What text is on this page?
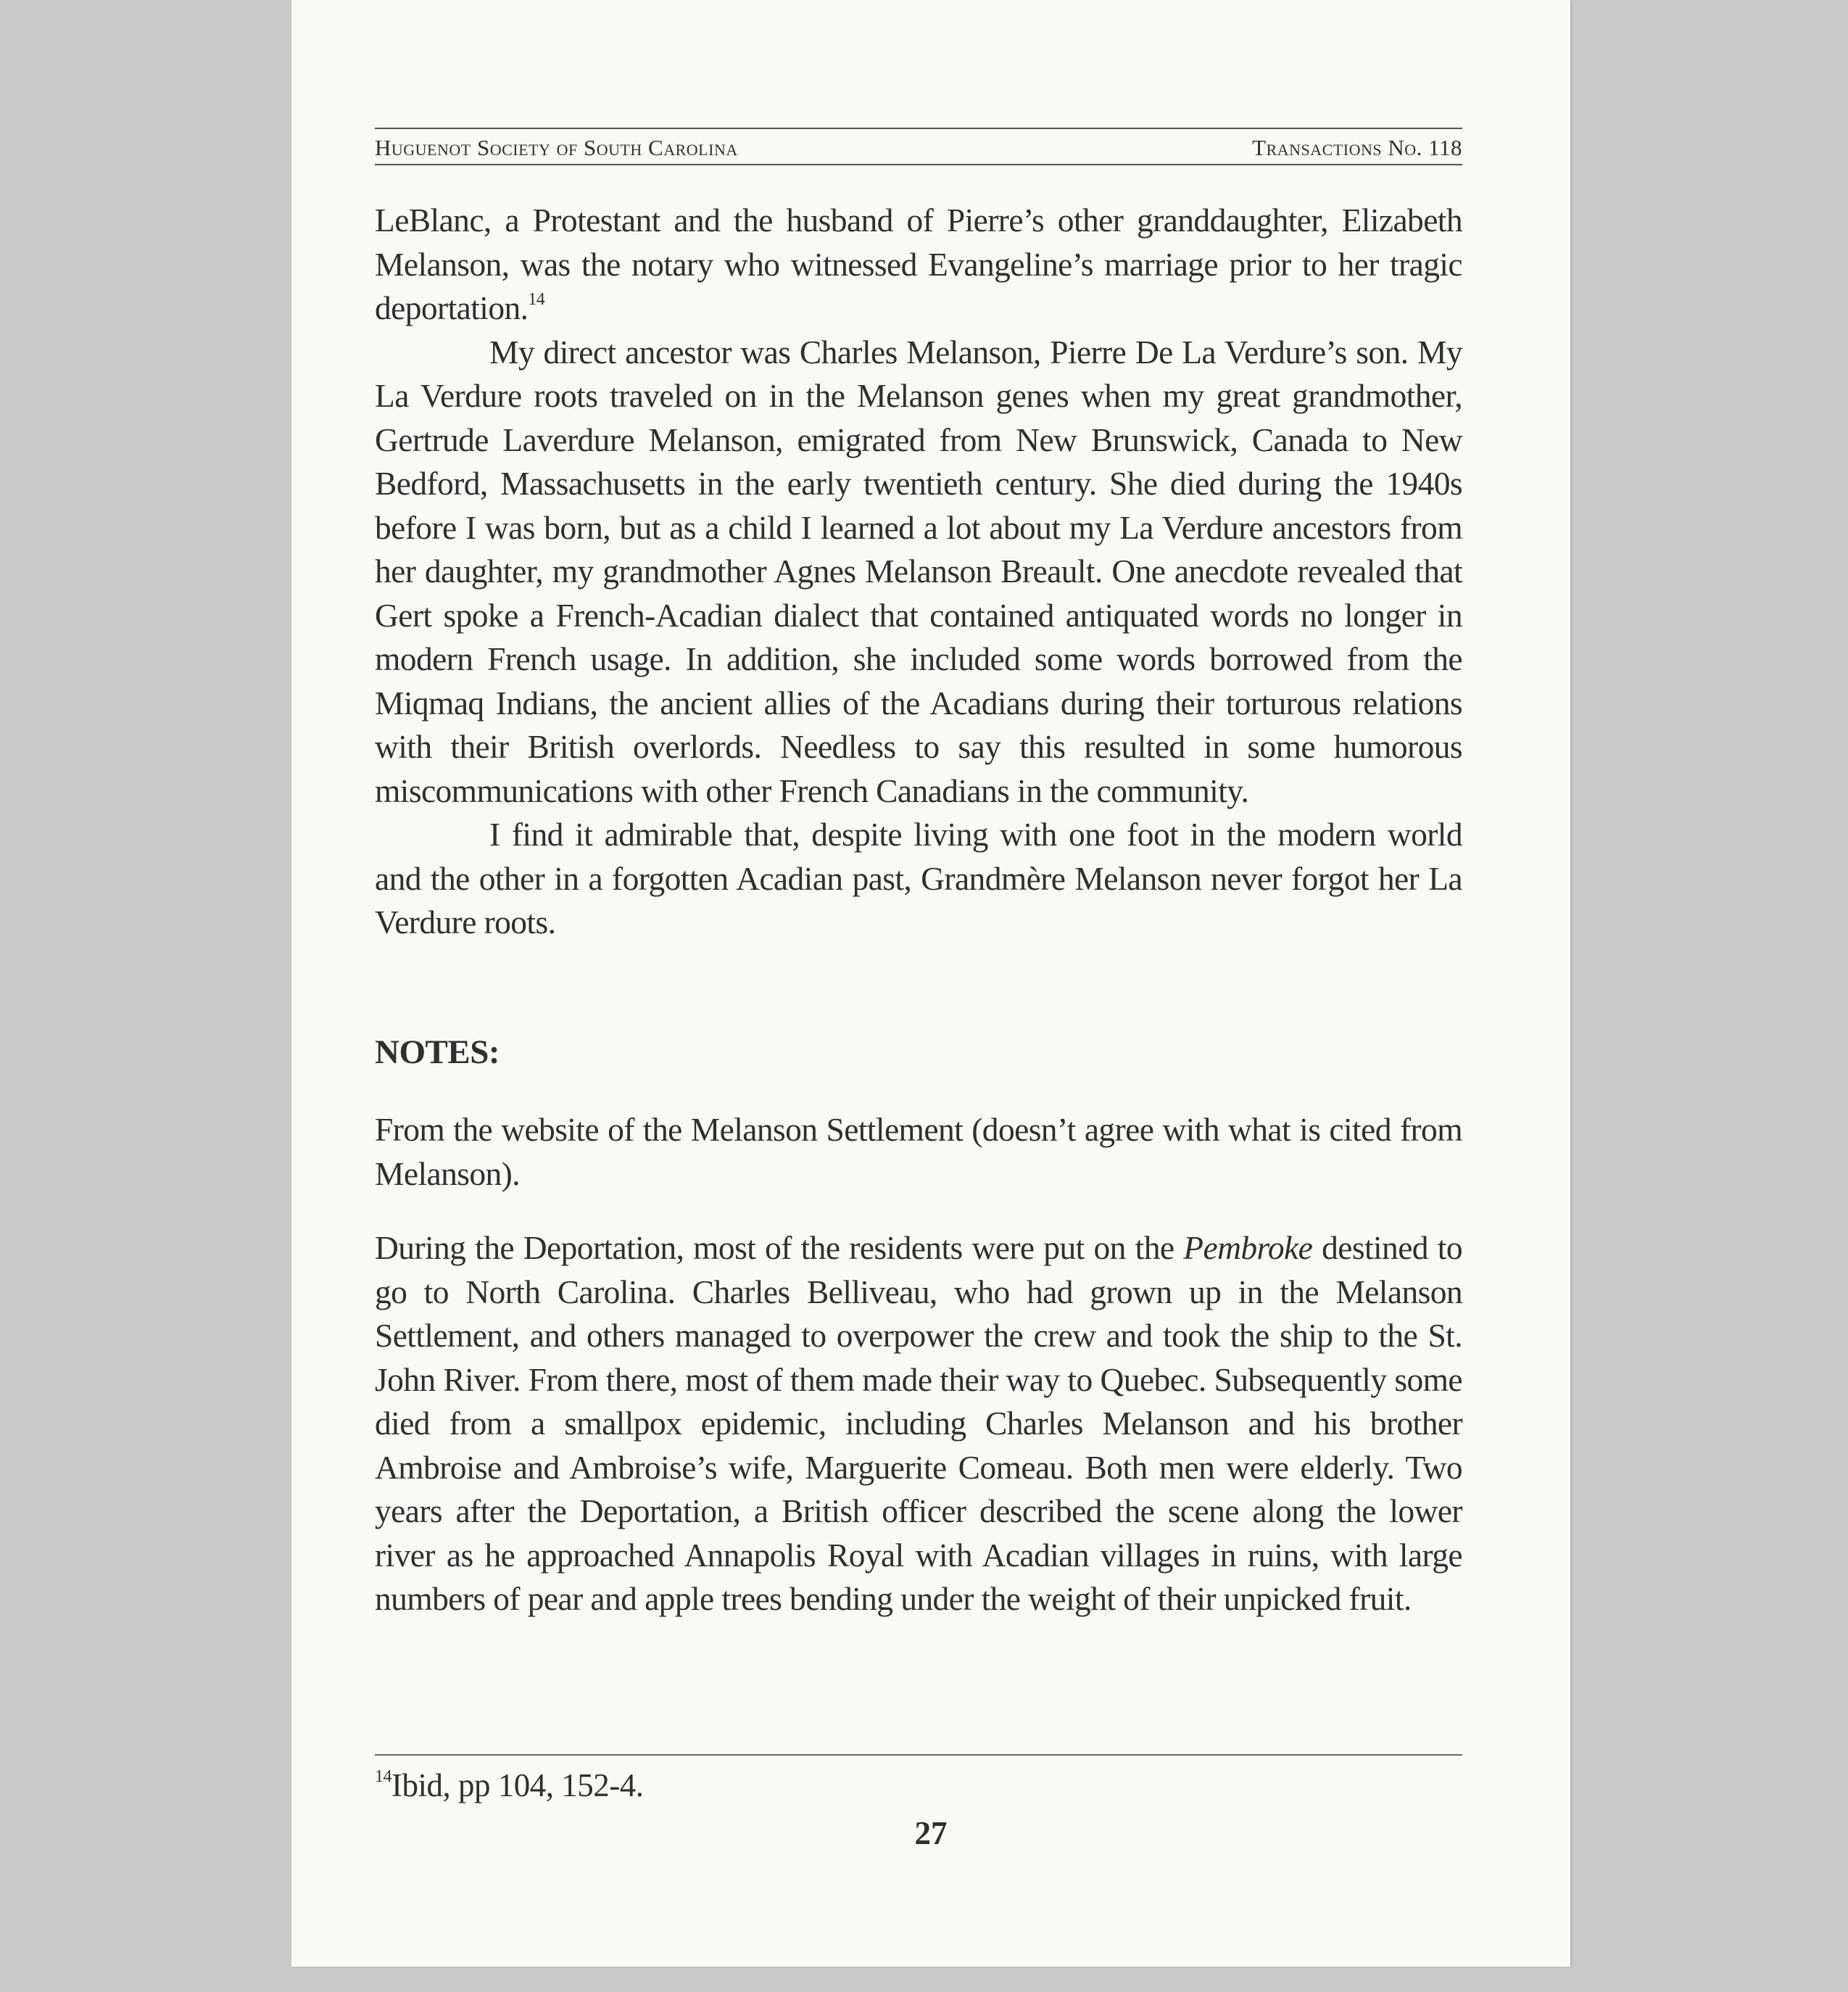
Huguenot Society of South Carolina	Transactions No. 118

LeBlanc, a Protestant and the husband of Pierre’s other granddaughter, Elizabeth Melanson, was the notary who witnessed Evangeline’s marriage prior to her tragic deportation.$^{14}$

My direct ancestor was Charles Melanson, Pierre De La Verdure’s son. My La Verdure roots traveled on in the Melanson genes when my great grandmother, Gertrude Laverdure Melanson, emigrated from New Brunswick, Canada to New Bedford, Massachusetts in the early twentieth century. She died during the 1940s before I was born, but as a child I learned a lot about my La Verdure ancestors from her daughter, my grandmother Agnes Melanson Breault. One anecdote revealed that Gert spoke a French-Acadian dialect that contained antiquated words no longer in modern French usage. In addition, she included some words borrowed from the Miqmaq Indians, the ancient allies of the Acadians during their torturous relations with their British overlords. Needless to say this resulted in some humorous miscommunications with other French Canadians in the community.

I find it admirable that, despite living with one foot in the modern world and the other in a forgotten Acadian past, Grandmère Melanson never forgot her La Verdure roots.

NOTES:

From the website of the Melanson Settlement (doesn’t agree with what is cited from Melanson).

During the Deportation, most of the residents were put on the Pembroke destined to go to North Carolina. Charles Belliveau, who had grown up in the Melanson Settlement, and others managed to overpower the crew and took the ship to the St. John River. From there, most of them made their way to Quebec. Subsequently some died from a smallpox epidemic, including Charles Melanson and his brother Ambroise and Ambroise’s wife, Marguerite Comeau. Both men were elderly. Two years after the Deportation, a British officer described the scene along the lower river as he approached Annapolis Royal with Acadian villages in ruins, with large numbers of pear and apple trees bending under the weight of their unpicked fruit.

$^{14}$Ibid, pp 104, 152-4.
27
